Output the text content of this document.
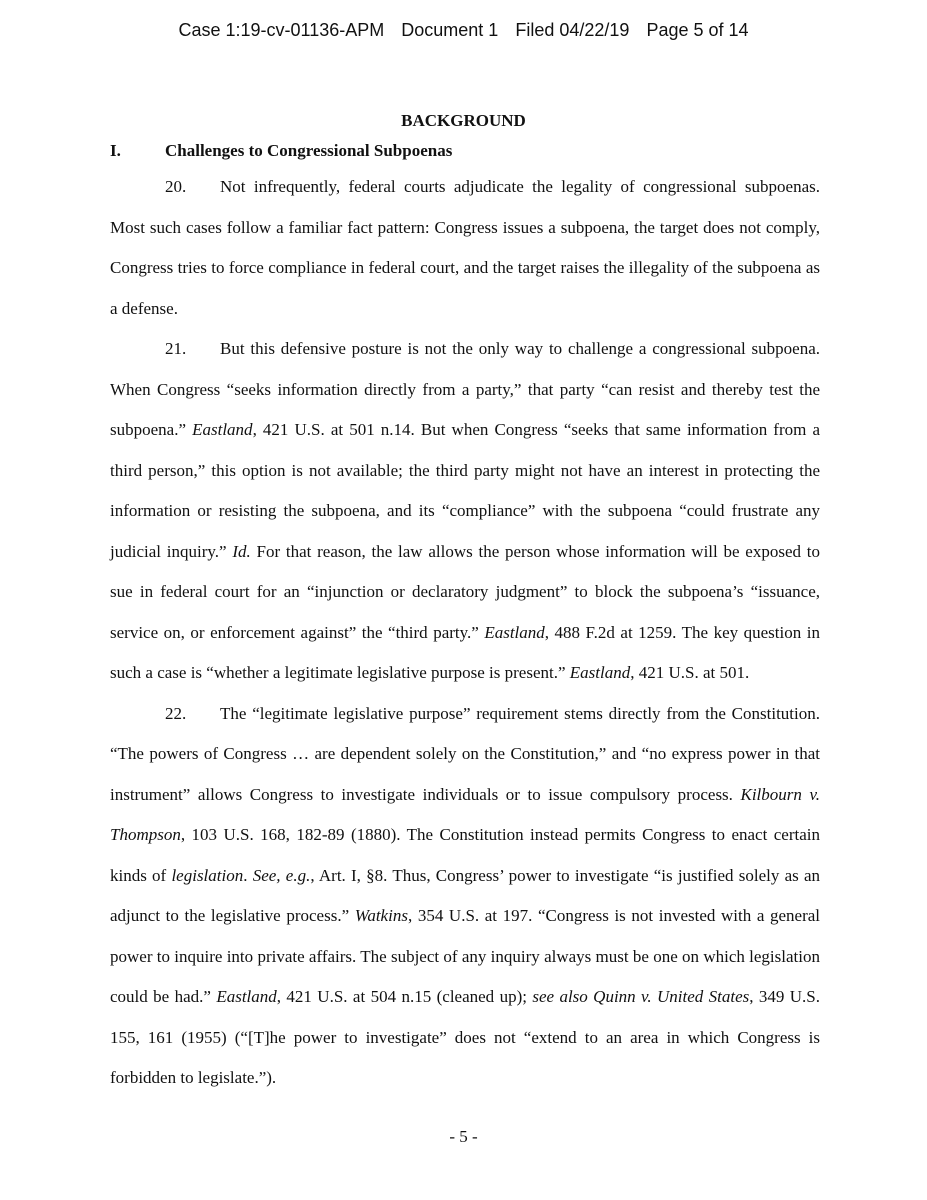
Case 1:19-cv-01136-APM Document 1 Filed 04/22/19 Page 5 of 14
BACKGROUND
I.	Challenges to Congressional Subpoenas

20. Not infrequently, federal courts adjudicate the legality of congressional subpoenas. Most such cases follow a familiar fact pattern: Congress issues a subpoena, the target does not comply, Congress tries to force compliance in federal court, and the target raises the illegality of the subpoena as a defense.

21. But this defensive posture is not the only way to challenge a congressional subpoena. When Congress “seeks information directly from a party,” that party “can resist and thereby test the subpoena.” Eastland, 421 U.S. at 501 n.14. But when Congress “seeks that same information from a third person,” this option is not available; the third party might not have an interest in protecting the information or resisting the subpoena, and its “compliance” with the subpoena “could frustrate any judicial inquiry.” Id. For that reason, the law allows the person whose information will be exposed to sue in federal court for an “injunction or declaratory judgment” to block the subpoena’s “issuance, service on, or enforcement against” the “third party.” Eastland, 488 F.2d at 1259. The key question in such a case is “whether a legitimate legislative purpose is present.” Eastland, 421 U.S. at 501.

22. The “legitimate legislative purpose” requirement stems directly from the Constitution. “The powers of Congress … are dependent solely on the Constitution,” and “no express power in that instrument” allows Congress to investigate individuals or to issue compulsory process. Kilbourn v. Thompson, 103 U.S. 168, 182-89 (1880). The Constitution instead permits Congress to enact certain kinds of legislation. See, e.g., Art. I, §8. Thus, Congress’ power to investigate “is justified solely as an adjunct to the legislative process.” Watkins, 354 U.S. at 197. “Congress is not invested with a general power to inquire into private affairs. The subject of any inquiry always must be one on which legislation could be had.” Eastland, 421 U.S. at 504 n.15 (cleaned up); see also Quinn v. United States, 349 U.S. 155, 161 (1955) (“[T]he power to investigate” does not “extend to an area in which Congress is forbidden to legislate.”).

- 5 -
